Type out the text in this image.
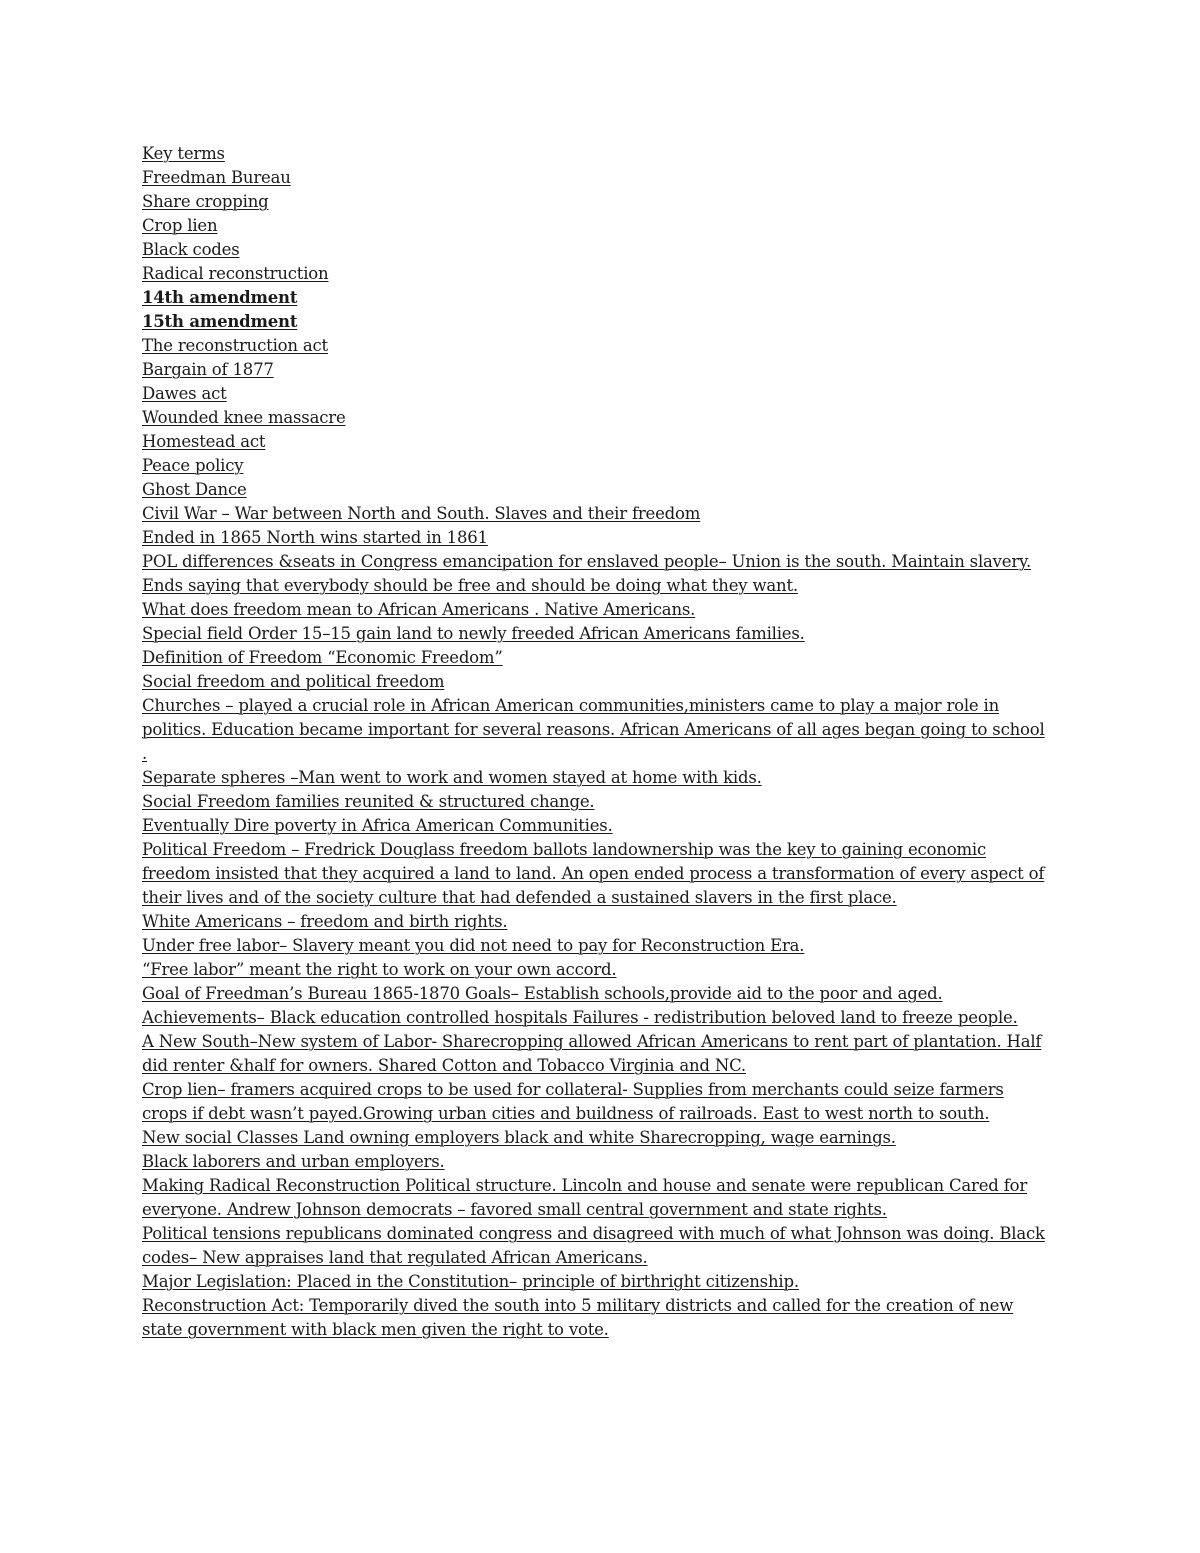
Key terms
Freedman Bureau
Share cropping
Crop lien
Black codes
Radical reconstruction
14th amendment
15th amendment
The reconstruction act
Bargain of 1877
Dawes act
Wounded knee massacre
Homestead act
Peace policy
Ghost Dance
Civil War – War between North and South. Slaves and their freedom
Ended in 1865 North wins started in 1861
POL differences &seats in Congress emancipation for enslaved people– Union is the south. Maintain slavery.
Ends saying that everybody should be free and should be doing what they want.
What does freedom mean to African Americans . Native Americans.
Special field Order 15–15 gain land to newly freeded African Americans families.
Definition of Freedom “Economic Freedom”
Social freedom and political freedom
Churches – played a crucial role in African American communities,ministers came to play a major role in politics. Education became important for several reasons. African Americans of all ages began going to school .
Separate spheres –Man went to work and women stayed at home with kids.
Social Freedom families reunited & structured change.
Eventually Dire poverty in Africa American Communities.
Political Freedom – Fredrick Douglass freedom ballots landownership was the key to gaining economic freedom insisted that they acquired a land to land. An open ended process a transformation of every aspect of their lives and of the society culture that had defended a sustained slavers in the first place.
White Americans – freedom and birth rights.
Under free labor– Slavery meant you did not need to pay for Reconstruction Era.
“Free labor” meant the right to work on your own accord.
Goal of Freedman’s Bureau 1865-1870 Goals– Establish schools,provide aid to the poor and aged.
Achievements– Black education controlled hospitals Failures - redistribution beloved land to freeze people.
A New South–New system of Labor- Sharecropping allowed African Americans to rent part of plantation. Half did renter &half for owners. Shared Cotton and Tobacco Virginia and NC.
Crop lien– framers acquired crops to be used for collateral- Supplies from merchants could seize farmers crops if debt wasn’t payed.Growing urban cities and buildness of railroads. East to west north to south.
New social Classes Land owning employers black and white Sharecropping, wage earnings.
Black laborers and urban employers.
Making Radical Reconstruction Political structure. Lincoln and house and senate were republican Cared for everyone. Andrew Johnson democrats – favored small central government and state rights.
Political tensions republicans dominated congress and disagreed with much of what Johnson was doing. Black codes– New appraises land that regulated African Americans.
Major Legislation: Placed in the Constitution– principle of birthright citizenship.
Reconstruction Act: Temporarily dived the south into 5 military districts and called for the creation of new state government with black men given the right to vote.
